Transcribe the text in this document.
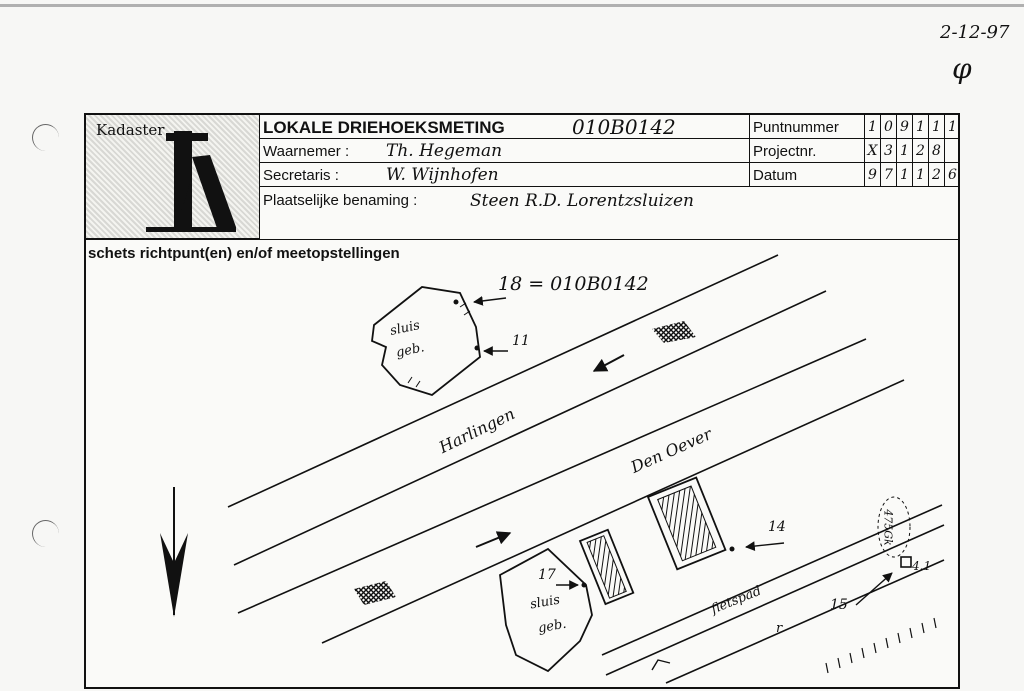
2-12-97
φ
Kadaster	LOKALE DRIEHOEKSMETING	010B0142	Puntnummer 1 0 9 1 1 1
Waarnemer : Th. Hegeman	Projectnr.	X 3 1 2 8
Secretaris :	W. Wijnhofen	Datum	9 7 1 1 2 6
Plaatselijke benaming :	Steen R.D. Lorentzsluizen
schets richtpunt(en) en/of meetopstellingen
18 = 010B0142
11
sluis
geb.
Harlingen	Den Oever
14
17
sluis
geb.
fietspad	15
r
475Gk
4.1
